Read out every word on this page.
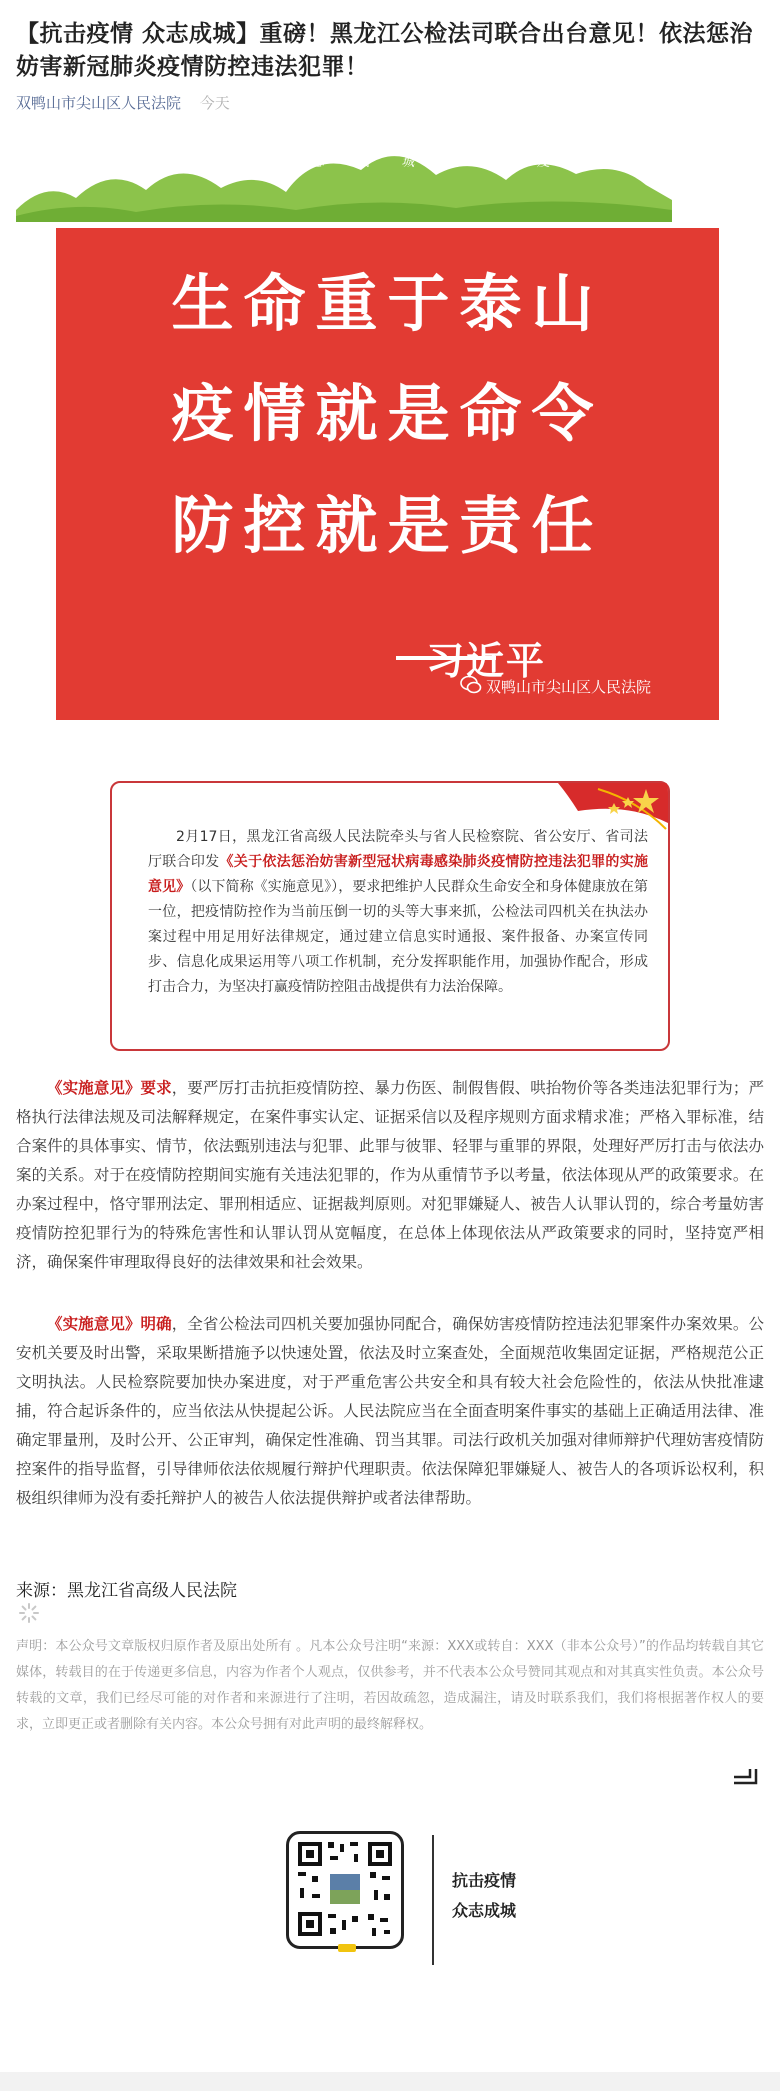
【抗击疫情 众志成城】重磅！黑龙江公检法司联合出台意见！依法惩治妨害新冠肺炎疫情防控违法犯罪！
双鸭山市尖山区人民法院 今天
众 志 成 城 共 抗 疫 情
生命重于泰山
疫情就是命令
防控就是责任
习近平
双鸭山市尖山区人民法院

2月17日，黑龙江省高级人民法院牵头与省人民检察院、省公安厅、省司法厅联合印发《关于依法惩治妨害新型冠状病毒感染肺炎疫情防控违法犯罪的实施意见》（以下简称《实施意见》），要求把维护人民群众生命安全和身体健康放在第一位，把疫情防控作为当前压倒一切的头等大事来抓，公检法司四机关在执法办案过程中用足用好法律规定，通过建立信息实时通报、案件报备、办案宣传同步、信息化成果运用等八项工作机制，充分发挥职能作用，加强协作配合，形成打击合力，为坚决打赢疫情防控阻击战提供有力法治保障。

《实施意见》要求，要严厉打击抗拒疫情防控、暴力伤医、制假售假、哄抬物价等各类违法犯罪行为；严格执行法律法规及司法解释规定，在案件事实认定、证据采信以及程序规则方面求精求准；严格入罪标准，结合案件的具体事实、情节，依法甄别违法与犯罪、此罪与彼罪、轻罪与重罪的界限，处理好严厉打击与依法办案的关系。对于在疫情防控期间实施有关违法犯罪的，作为从重情节予以考量，依法体现从严的政策要求。在办案过程中，恪守罪刑法定、罪刑相适应、证据裁判原则。对犯罪嫌疑人、被告人认罪认罚的，综合考量妨害疫情防控犯罪行为的特殊危害性和认罪认罚从宽幅度，在总体上体现依法从严政策要求的同时，坚持宽严相济，确保案件审理取得良好的法律效果和社会效果。

《实施意见》明确，全省公检法司四机关要加强协同配合，确保妨害疫情防控违法犯罪案件办案效果。公安机关要及时出警，采取果断措施予以快速处置，依法及时立案查处，全面规范收集固定证据，严格规范公正文明执法。人民检察院要加快办案进度，对于严重危害公共安全和具有较大社会危险性的，依法从快批准逮捕，符合起诉条件的，应当依法从快提起公诉。人民法院应当在全面查明案件事实的基础上正确适用法律、准确定罪量刑，及时公开、公正审判，确保定性准确、罚当其罪。司法行政机关加强对律师辩护代理妨害疫情防控案件的指导监督，引导律师依法依规履行辩护代理职责。依法保障犯罪嫌疑人、被告人的各项诉讼权利，积极组织律师为没有委托辩护人的被告人依法提供辩护或者法律帮助。

来源：黑龙江省高级人民法院

声明：本公众号文章版权归原作者及原出处所有 。凡本公众号注明“来源：XXX或转自：XXX（非本公众号）”的作品均转载自其它媒体，转载目的在于传递更多信息，内容为作者个人观点，仅供参考，并不代表本公众号赞同其观点和对其真实性负责。本公众号转载的文章，我们已经尽可能的对作者和来源进行了注明，若因故疏忽，造成漏注，请及时联系我们，我们将根据著作权人的要求，立即更正或者删除有关内容。本公众号拥有对此声明的最终解释权。

抗击疫情
众志成城
